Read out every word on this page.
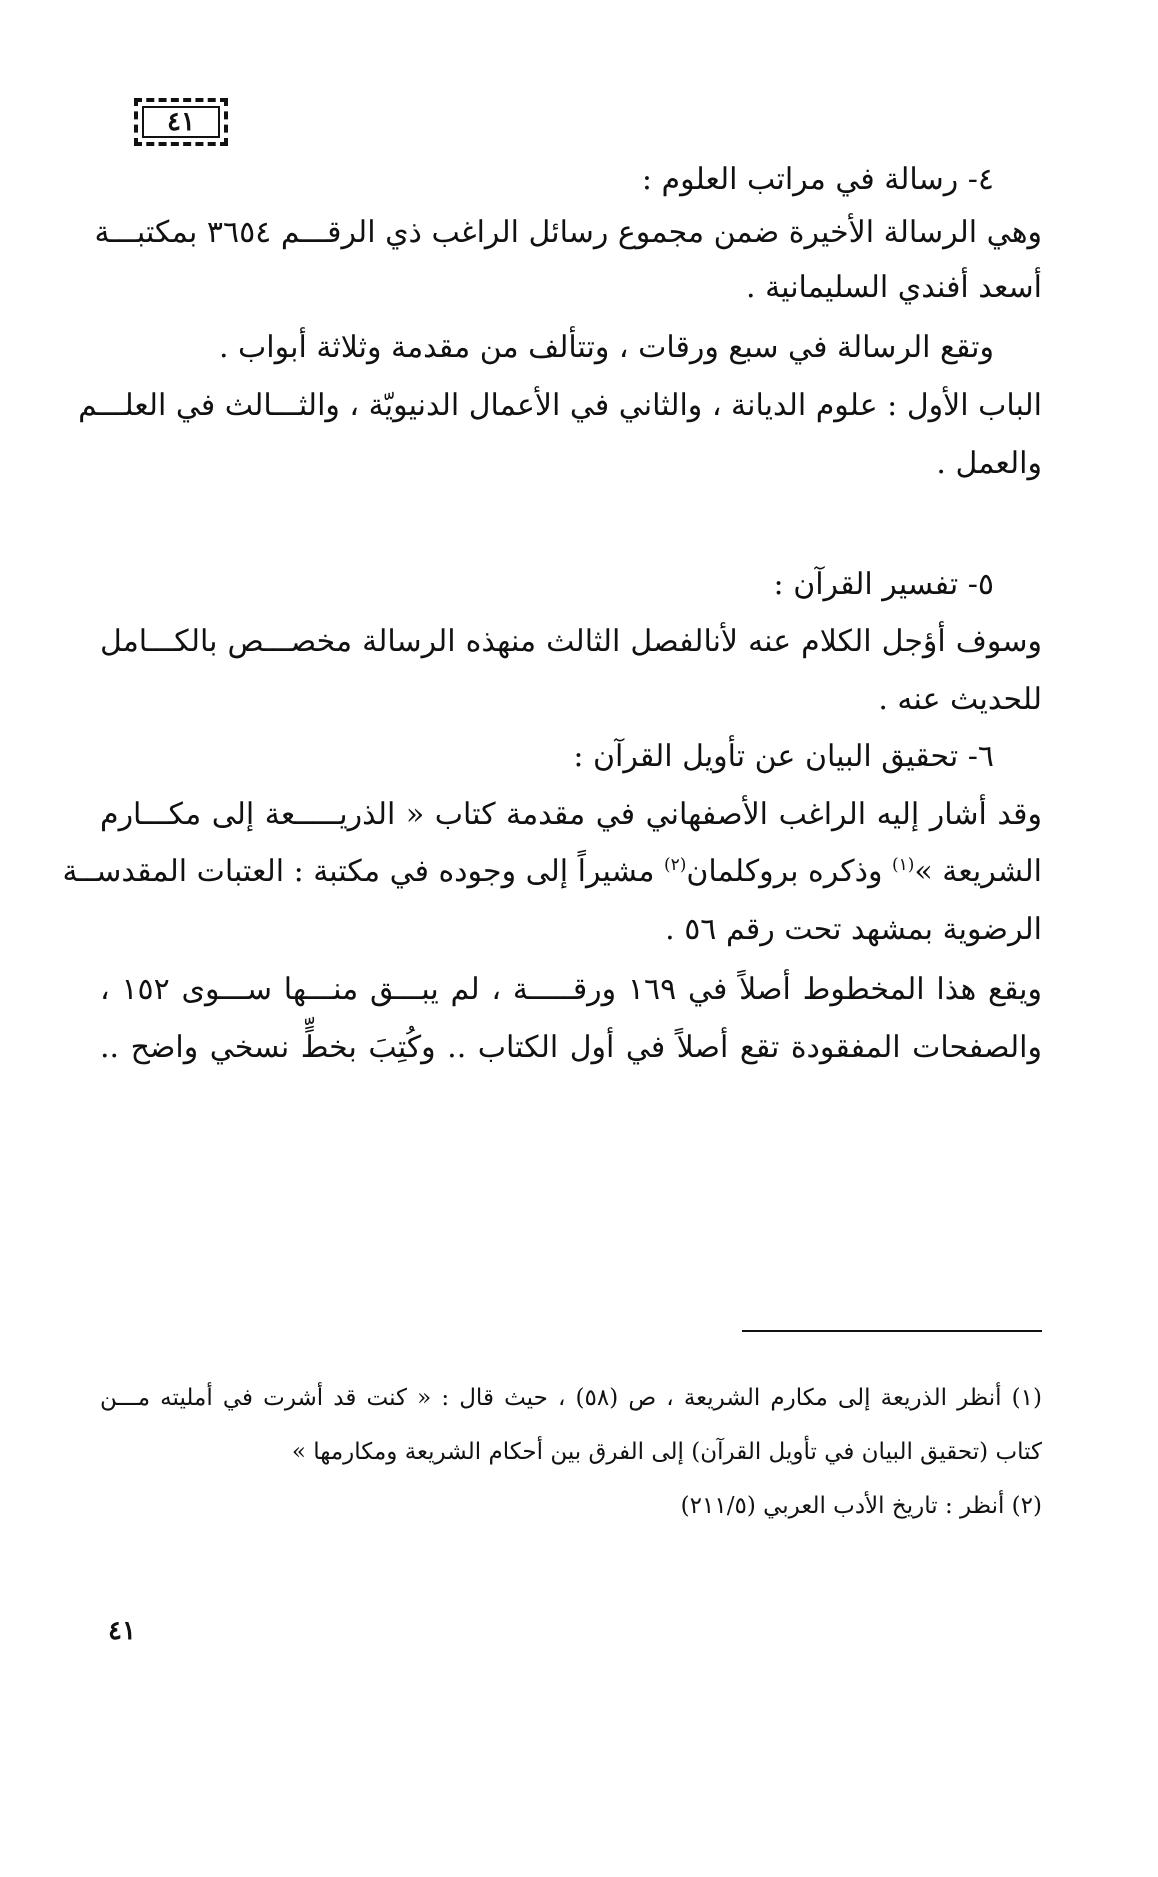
٤١
٤- رسالة في مراتب العلوم :
وهي الرسالة الأخيرة ضمن مجموع رسائل الراغب ذي الرقـــم ٣٦٥٤ بمكتبـــة
أسعد أفندي السليمانية .
وتقع الرسالة في سبع ورقات ، وتتألف من مقدمة وثلاثة أبواب .
الباب الأول : علوم الديانة ، والثاني في الأعمال الدنيويّة ، والثـــالث في العلـــم
والعمل .
٥- تفسير القرآن :
وسوف أؤجل الكلام عنه لأنالفصل الثالث منهذه الرسالة مخصـــص بالكـــامل
للحديث عنه .
٦- تحقيق البيان عن تأويل القرآن :
وقد أشار إليه الراغب الأصفهاني في مقدمة كتاب « الذريـــــعة إلى مكـــارم
الشريعة »$^{(١)}$ وذكره بروكلمان$^{(٢)}$ مشيراً إلى وجوده في مكتبة : العتبات المقدســة
الرضوية بمشهد تحت رقم ٥٦ .
ويقع هذا المخطوط أصلاً في ١٦٩ ورقـــــة ، لم يبـــق منـــها ســـوى ١٥٢ ،
والصفحات المفقودة تقع أصلاً في أول الكتاب .. وكُتِبَ بخطٍّ نسخي واضح ..
(١) أنظر الذريعة إلى مكارم الشريعة ، ص (٥٨) ، حيث قال : « كنت قد أشرت في أمليته مـــن
كتاب (تحقيق البيان في تأويل القرآن) إلى الفرق بين أحكام الشريعة ومكارمها »
(٢) أنظر : تاريخ الأدب العربي (٢١١/٥)
٤١
